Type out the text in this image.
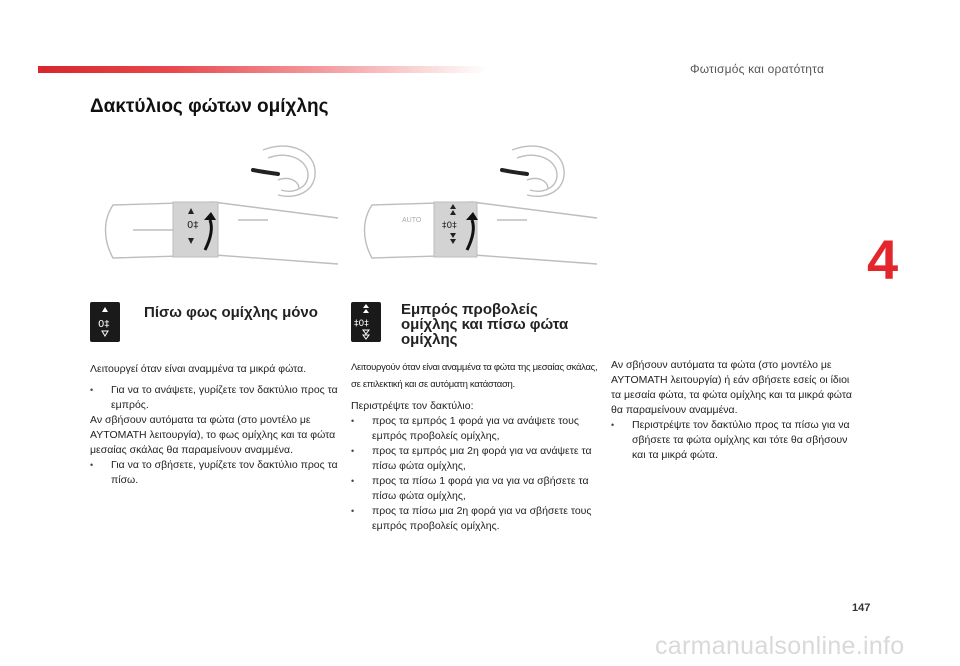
Φωτισμός και ορατότητα
4
Δακτύλιος φώτων ομίχλης
0‡	AUTO
‡0‡
0‡	‡0‡
Πίσω φως ομίχλης μόνο	Εμπρός προβολείς ομίχλης και πίσω φώτα ομίχλης

Λειτουργεί όταν είναι αναμμένα τα μικρά φώτα.

•	Για να το ανάψετε, γυρίζετε τον δακτύλιο προς τα εμπρός.

Αν σβήσουν αυτόματα τα φώτα (στο μοντέλο με ΑΥΤΟΜΑΤΗ λειτουργία), το φως ομίχλης και τα φώτα μεσαίας σκάλας θα παραμείνουν αναμμένα.

•	Για να το σβήσετε, γυρίζετε τον δακτύλιο προς τα πίσω.

Λειτουργούν όταν είναι αναμμένα τα φώτα της μεσαίας σκάλας, σε επιλεκτική και σε αυτόματη κατάσταση.

Περιστρέψτε τον δακτύλιο:

•	προς τα εμπρός 1 φορά για να ανάψετε τους εμπρός προβολείς ομίχλης,
•	προς τα εμπρός μια 2η φορά για να ανάψετε τα πίσω φώτα ομίχλης,
•	προς τα πίσω 1 φορά για να για να σβήσετε τα πίσω φώτα ομίχλης,
•	προς τα πίσω μια 2η φορά για να σβήσετε τους εμπρός προβολείς ομίχλης.

Αν σβήσουν αυτόματα τα φώτα (στο μοντέλο με ΑΥΤΟΜΑΤΗ λειτουργία) ή εάν σβήσετε εσείς οι ίδιοι τα μεσαία φώτα, τα φώτα ομίχλης και τα μικρά φώτα θα παραμείνουν αναμμένα.

•	Περιστρέψτε τον δακτύλιο προς τα πίσω για να σβήσετε τα φώτα ομίχλης και τότε θα σβήσουν και τα μικρά φώτα.
147
carmanualsonline.info
